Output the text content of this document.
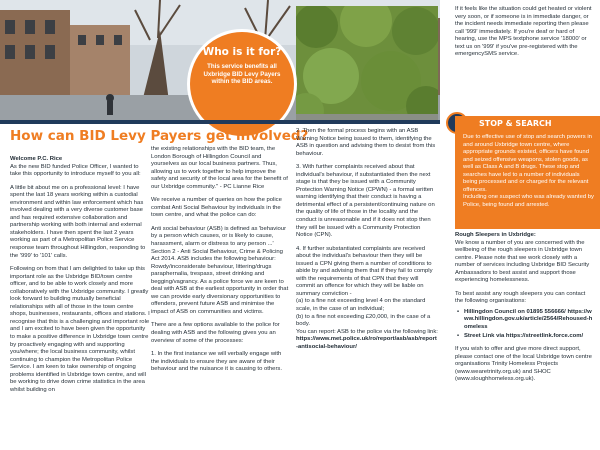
Who is it for?
This service benefits all Uxbridge BID Levy Payers within the BID areas.
How can BID Levy Payers get involved?

Welcome P.C. Rice
As the new BID funded Police Officer, I wanted to take this opportunity to introduce myself to you all:

A little bit about me on a professional level: I have spent the last 18 years working within a custodial environment and within law enforcement which has involved dealing with a very diverse customer base and has required extensive collaboration and partnership working with both internal and external stakeholders. I have then spent the last 2 years working as part of a Metropolitan Police Service response team throughout Hillingdon, responding to the '999' to '101' calls.

Following on from that I am delighted to take up this important role as the Uxbridge BID/town centre officer, and to be able to work closely and more collaboratively with the Uxbridge community. I greatly look forward to building mutually beneficial relationships with all of those in the town centre shops, businesses, restaurants, offices and stations. I recognise that this is a challenging and important role and I am excited to have been given the opportunity to make a positive difference in Uxbridge town centre by proactively engaging with and supporting you/where; the local business community, whilst continuing to champion the Metropolitan Police Service. I am keen to take ownership of ongoing problems identified in Uxbridge town centre, and will be working to drive down crime statistics in the area whilst building on

the existing relationships with the BID team, the London Borough of Hillingdon Council and yourselves as our local business partners. Thus, allowing us to work together to help improve the safety and security of the local area for the benefit of our Uxbridge community." - PC Lianne Rice

We receive a number of queries on how the police combat Anti Social Behaviour by individuals in the town centre, and what the police can do:

Anti social behaviour (ASB) is defined as 'behaviour by a person which causes, or is likely to cause, harassment, alarm or distress to any person ...' Section 2 - Anti Social Behaviour, Crime & Policing Act 2014. ASB includes the following behaviour: Rowdy/inconsiderate behaviour, littering/drugs paraphernalia, trespass, street drinking and begging/vagrancy. As a police force we are keen to deal with ASB at the earliest opportunity in order that we can provide early diversionary opportunities to offenders, prevent future ASB and minimise the impact of ASB on communities and victims.

There are a few options available to the police for dealing with ASB and the following gives you an overview of some of the processes:

1. In the first instance we will verbally engage with the individuals to ensure they are aware of their behaviour and the nuisance it is causing to others.

2. Then the formal process begins with an ASB Warning Notice being issued to them, identifying the ASB in question and advising them to desist from this behaviour.

3. With further complaints received about that individual's behaviour, if substantiated then the next stage is that they be issued with a Community Protection Warning Notice (CPWN) - a formal written warning identifying that their conduct is having a detrimental effect of a persistent/continuing nature on the quality of life of those in the locality and the conduct is unreasonable and if it does not stop then they will be issued with a Community Protection Notice (CPN).

4. If further substantiated complaints are received about the individual's behaviour then they will be issued a CPN giving them a number of conditions to abide by and advising them that if they fail to comply with the requirements of that CPN that they will commit an offence for which they will be liable on summary conviction -

(a) to a fine not exceeding level 4 on the standard scale, in the case of an individual;

(b) to a fine not exceeding £20,000, in the case of a body.

You can report: ASB to the police via the following link:

https://www.met.police.uk/ro/report/asb/asb/report-antisocial-behaviour/

If it feels like the situation could get heated or violent very soon, or if someone is in immediate danger, or the incident needs immediate reporting then please call '999' immediately. If you're deaf or hard of hearing, use the MPS textphone service '18000' or text us on '999' if you've pre-registered with the emergencySMS service.

STOP & SEARCH

Due to effective use of stop and search powers in and around Uxbridge town centre, where appropriate grounds existed, officers have found and seized offensive weapons, stolen goods, as well as Class A and B drugs. These stop and searches have led to a number of individuals being processed and or charged for the relevant offences.

Including one suspect who was already wanted by Police, being found and arrested.

Rough Sleepers in Uxbridge:
We know a number of you are concerned with the wellbeing of the rough sleepers in Uxbridge town centre. Please note that we work closely with a number of services including Uxbridge BID Security Ambassadors to best assist and support those experiencing homelessness.

To best assist any rough sleepers you can contact the following organisations:

• Hillingdon Council on 01895 556666/ https://www.hillingdon.gov.uk/article/2564/Rehoused-homeless
• Street Link via https://streetlink.force.com/

If you wish to offer and give more direct support, please contact one of the local Uxbridge town centre organisations Trinity Homeless Projects (www.wearetrinity.org.uk) and SHOC (www.sloughhomeless.org.uk).
